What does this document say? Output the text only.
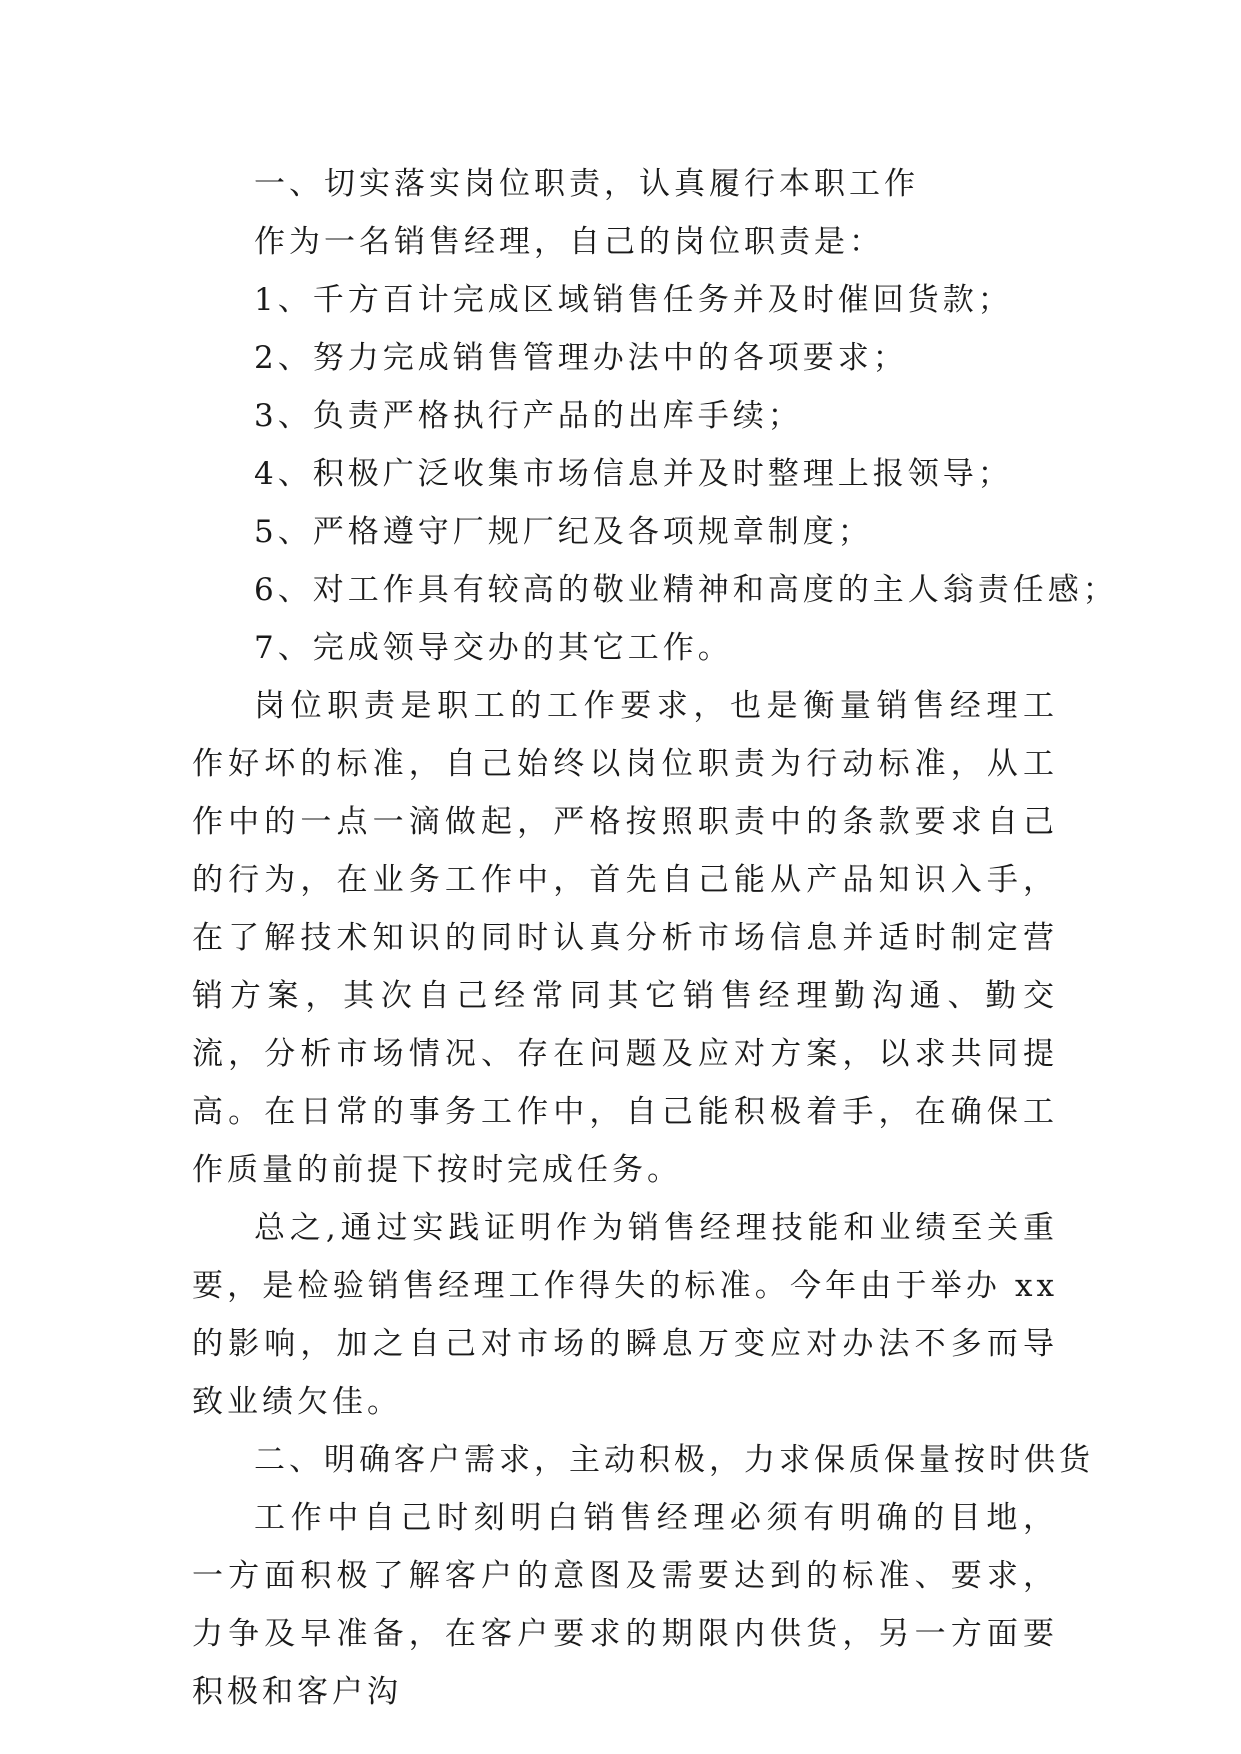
一、切实落实岗位职责，认真履行本职工作

作为一名销售经理，自己的岗位职责是：

1、千方百计完成区域销售任务并及时催回货款；

2、努力完成销售管理办法中的各项要求；

3、负责严格执行产品的出库手续；

4、积极广泛收集市场信息并及时整理上报领导；

5、严格遵守厂规厂纪及各项规章制度；

6、对工作具有较高的敬业精神和高度的主人翁责任感；

7、完成领导交办的其它工作。

岗位职责是职工的工作要求，也是衡量销售经理工作好坏的标准，自己始终以岗位职责为行动标准，从工作中的一点一滴做起，严格按照职责中的条款要求自己的行为，在业务工作中，首先自己能从产品知识入手，在了解技术知识的同时认真分析市场信息并适时制定营销方案，其次自己经常同其它销售经理勤沟通、勤交流，分析市场情况、存在问题及应对方案，以求共同提高。在日常的事务工作中，自己能积极着手，在确保工作质量的前提下按时完成任务。

总之,通过实践证明作为销售经理技能和业绩至关重要，是检验销售经理工作得失的标准。今年由于举办 xx 的影响，加之自己对市场的瞬息万变应对办法不多而导致业绩欠佳。

二、明确客户需求，主动积极，力求保质保量按时供货

工作中自己时刻明白销售经理必须有明确的目地，一方面积极了解客户的意图及需要达到的标准、要求，力争及早准备，在客户要求的期限内供货，另一方面要积极和客户沟
